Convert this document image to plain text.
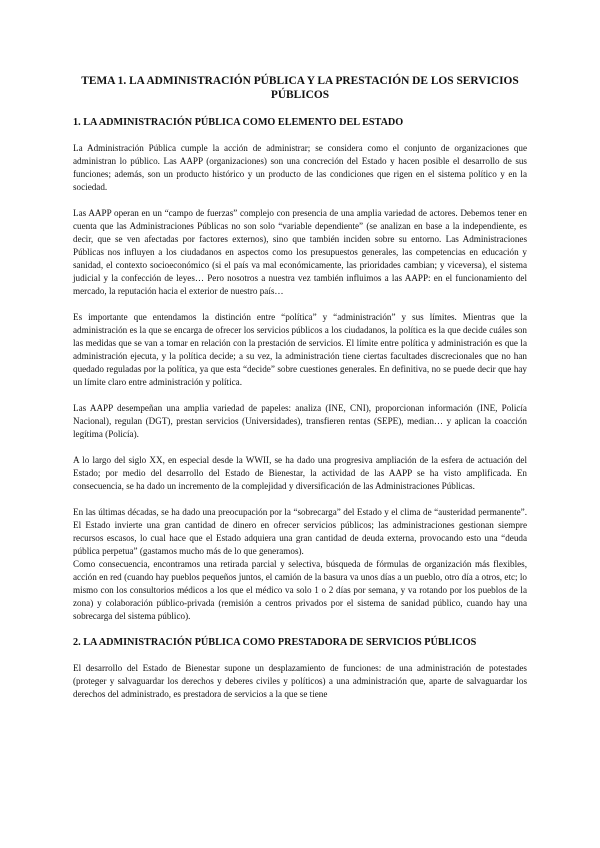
TEMA 1. LA ADMINISTRACIÓN PÚBLICA Y LA PRESTACIÓN DE LOS SERVICIOS PÚBLICOS
1. LA ADMINISTRACIÓN PÚBLICA COMO ELEMENTO DEL ESTADO

La Administración Pública cumple la acción de administrar; se considera como el conjunto de organizaciones que administran lo público. Las AAPP (organizaciones) son una concreción del Estado y hacen posible el desarrollo de sus funciones; además, son un producto histórico y un producto de las condiciones que rigen en el sistema político y en la sociedad.

Las AAPP operan en un “campo de fuerzas” complejo con presencia de una amplia variedad de actores. Debemos tener en cuenta que las Administraciones Públicas no son solo “variable dependiente” (se analizan en base a la independiente, es decir, que se ven afectadas por factores externos), sino que también inciden sobre su entorno. Las Administraciones Públicas nos influyen a los ciudadanos en aspectos como los presupuestos generales, las competencias en educación y sanidad, el contexto socioeconómico (si el país va mal económicamente, las prioridades cambian; y viceversa), el sistema judicial y la confección de leyes… Pero nosotros a nuestra vez también influimos a las AAPP: en el funcionamiento del mercado, la reputación hacia el exterior de nuestro país…

Es importante que entendamos la distinción entre “política” y “administración” y sus límites. Mientras que la administración es la que se encarga de ofrecer los servicios públicos a los ciudadanos, la política es la que decide cuáles son las medidas que se van a tomar en relación con la prestación de servicios. El límite entre política y administración es que la administración ejecuta, y la política decide; a su vez, la administración tiene ciertas facultades discrecionales que no han quedado reguladas por la política, ya que esta “decide” sobre cuestiones generales. En definitiva, no se puede decir que hay un límite claro entre administración y política.

Las AAPP desempeñan una amplia variedad de papeles: analiza (INE, CNI), proporcionan información (INE, Policía Nacional), regulan (DGT), prestan servicios (Universidades), transfieren rentas (SEPE), median… y aplican la coacción legítima (Policía).

A lo largo del siglo XX, en especial desde la WWII, se ha dado una progresiva ampliación de la esfera de actuación del Estado; por medio del desarrollo del Estado de Bienestar, la actividad de las AAPP se ha visto amplificada. En consecuencia, se ha dado un incremento de la complejidad y diversificación de las Administraciones Públicas.

En las últimas décadas, se ha dado una preocupación por la “sobrecarga” del Estado y el clima de “austeridad permanente”. El Estado invierte una gran cantidad de dinero en ofrecer servicios públicos; las administraciones gestionan siempre recursos escasos, lo cual hace que el Estado adquiera una gran cantidad de deuda externa, provocando esto una “deuda pública perpetua” (gastamos mucho más de lo que generamos).

Como consecuencia, encontramos una retirada parcial y selectiva, búsqueda de fórmulas de organización más flexibles, acción en red (cuando hay pueblos pequeños juntos, el camión de la basura va unos días a un pueblo, otro día a otros, etc; lo mismo con los consultorios médicos a los que el médico va solo 1 o 2 días por semana, y va rotando por los pueblos de la zona) y colaboración público-privada (remisión a centros privados por el sistema de sanidad público, cuando hay una sobrecarga del sistema público).

2. LA ADMINISTRACIÓN PÚBLICA COMO PRESTADORA DE SERVICIOS PÚBLICOS

El desarrollo del Estado de Bienestar supone un desplazamiento de funciones: de una administración de potestades (proteger y salvaguardar los derechos y deberes civiles y políticos) a una administración que, aparte de salvaguardar los derechos del administrado, es prestadora de servicios a la que se tiene
